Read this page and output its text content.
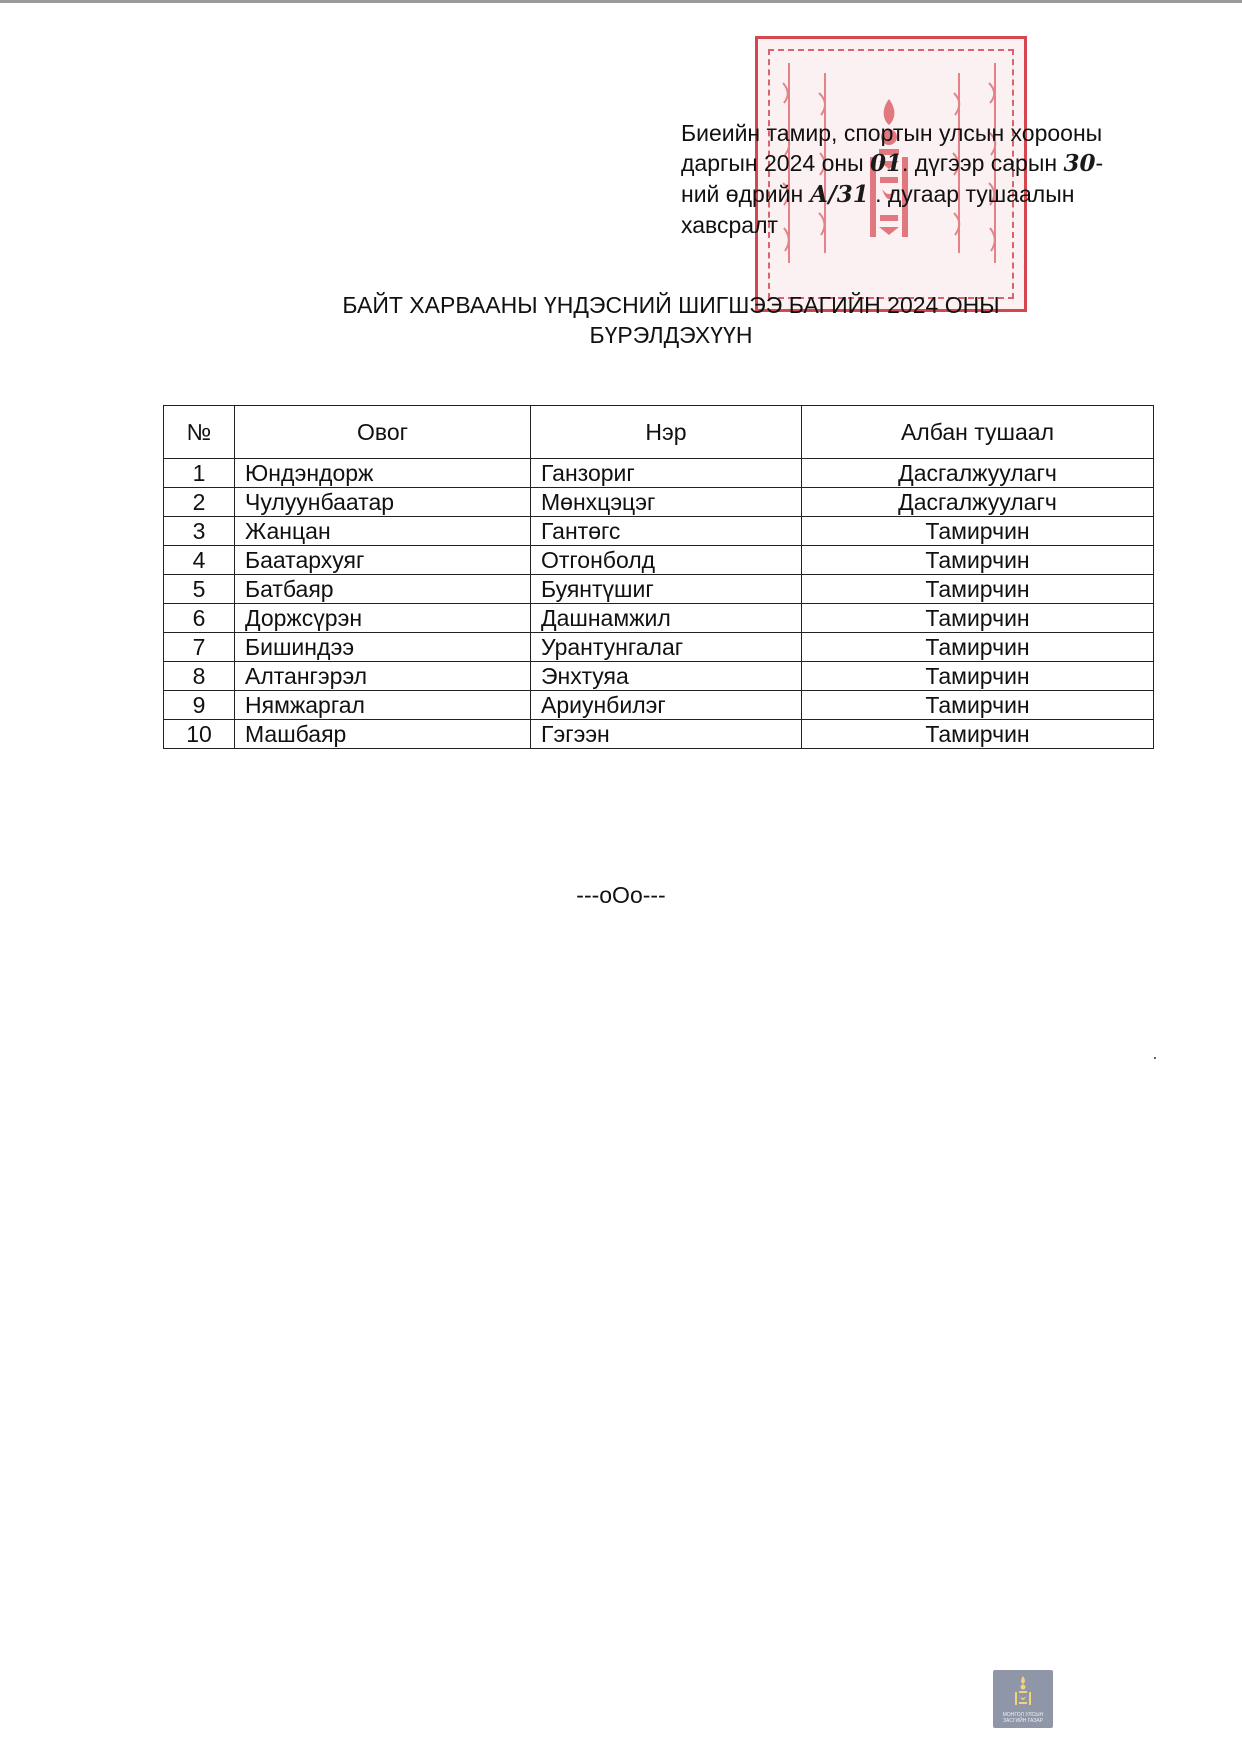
Биеийн тамир, спортын улсын хорооны
даргын 2024 оны 01. дүгээр сарын 30-
ний өдрийн А/31 . дугаар тушаалын
хавсралт
БАЙТ ХАРВААНЫ ҮНДЭСНИЙ ШИГШЭЭ БАГИЙН 2024 ОНЫ
БҮРЭЛДЭХҮҮН
№	Овог	Нэр	Албан тушаал
1	Юндэндорж	Ганзориг	Дасгалжуулагч
2	Чулуунбаатар	Мөнхцэцэг	Дасгалжуулагч
3	Жанцан	Гантөгс	Тамирчин
4	Баатархуяг	Отгонболд	Тамирчин
5	Батбаяр	Буянтүшиг	Тамирчин
6	Доржсүрэн	Дашнамжил	Тамирчин
7	Бишиндээ	Урантунгалаг	Тамирчин
8	Алтангэрэл	Энхтуяа	Тамирчин
9	Нямжаргал	Ариунбилэг	Тамирчин
10	Машбаяр	Гэгээн	Тамирчин
---oOo---
МОНГОЛ УЛСЫН
ЗАСГИЙН ГАЗАР
